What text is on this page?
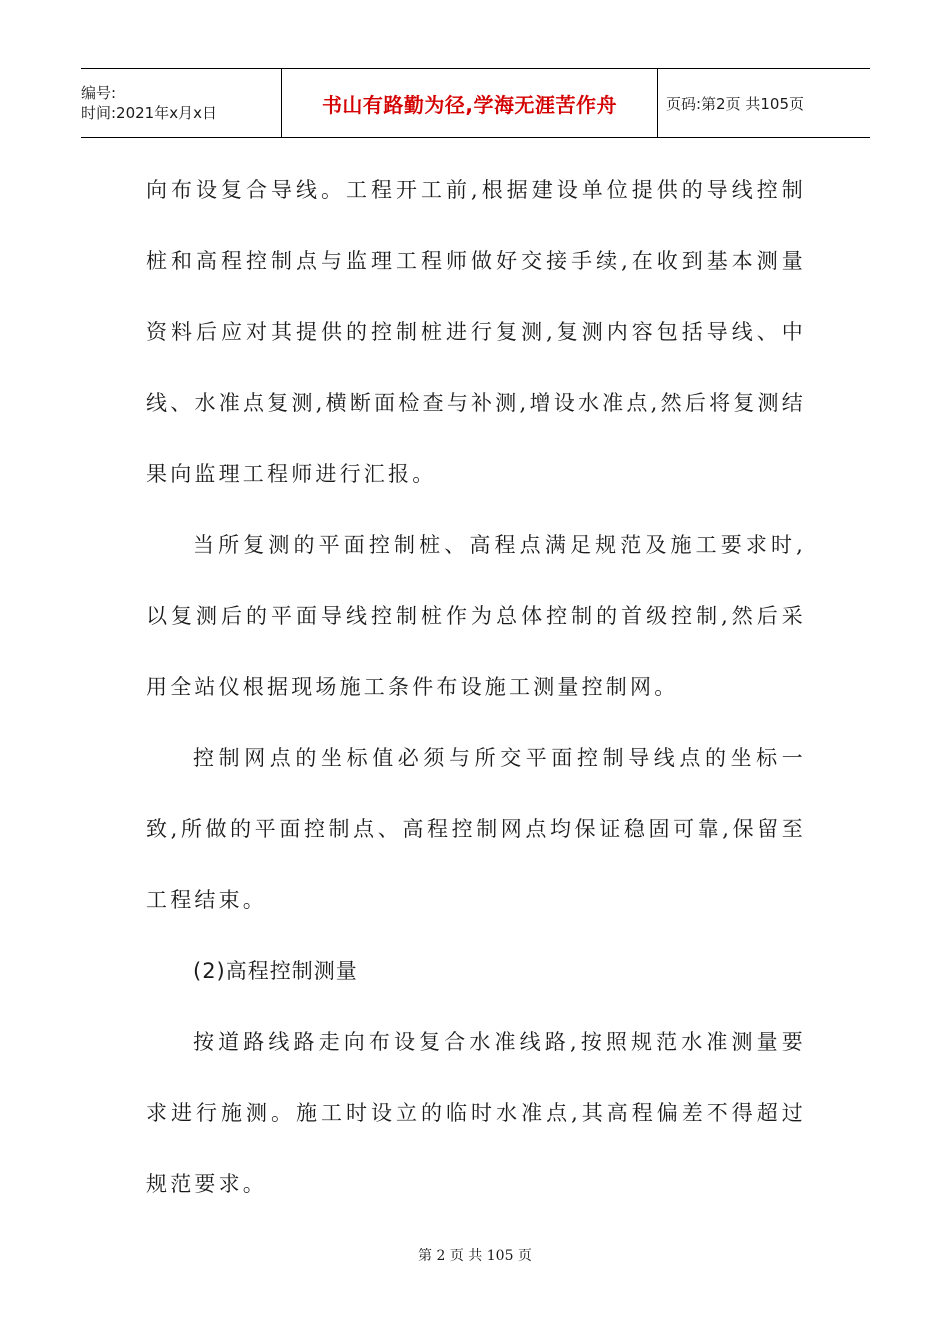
编号:
时间:2021年x月x日	书山有路勤为径,学海无涯苦作舟	页码:第2页 共105页

向布设复合导线。工程开工前,根据建设单位提供的导线控制桩和高程控制点与监理工程师做好交接手续,在收到基本测量资料后应对其提供的控制桩进行复测,复测内容包括导线、中线、水准点复测,横断面检查与补测,增设水准点,然后将复测结果向监理工程师进行汇报。

当所复测的平面控制桩、高程点满足规范及施工要求时,以复测后的平面导线控制桩作为总体控制的首级控制,然后采用全站仪根据现场施工条件布设施工测量控制网。

控制网点的坐标值必须与所交平面控制导线点的坐标一致,所做的平面控制点、高程控制网点均保证稳固可靠,保留至工程结束。

(2)高程控制测量

按道路线路走向布设复合水准线路,按照规范水准测量要求进行施测。施工时设立的临时水准点,其高程偏差不得超过规范要求。

第 2 页 共 105 页
